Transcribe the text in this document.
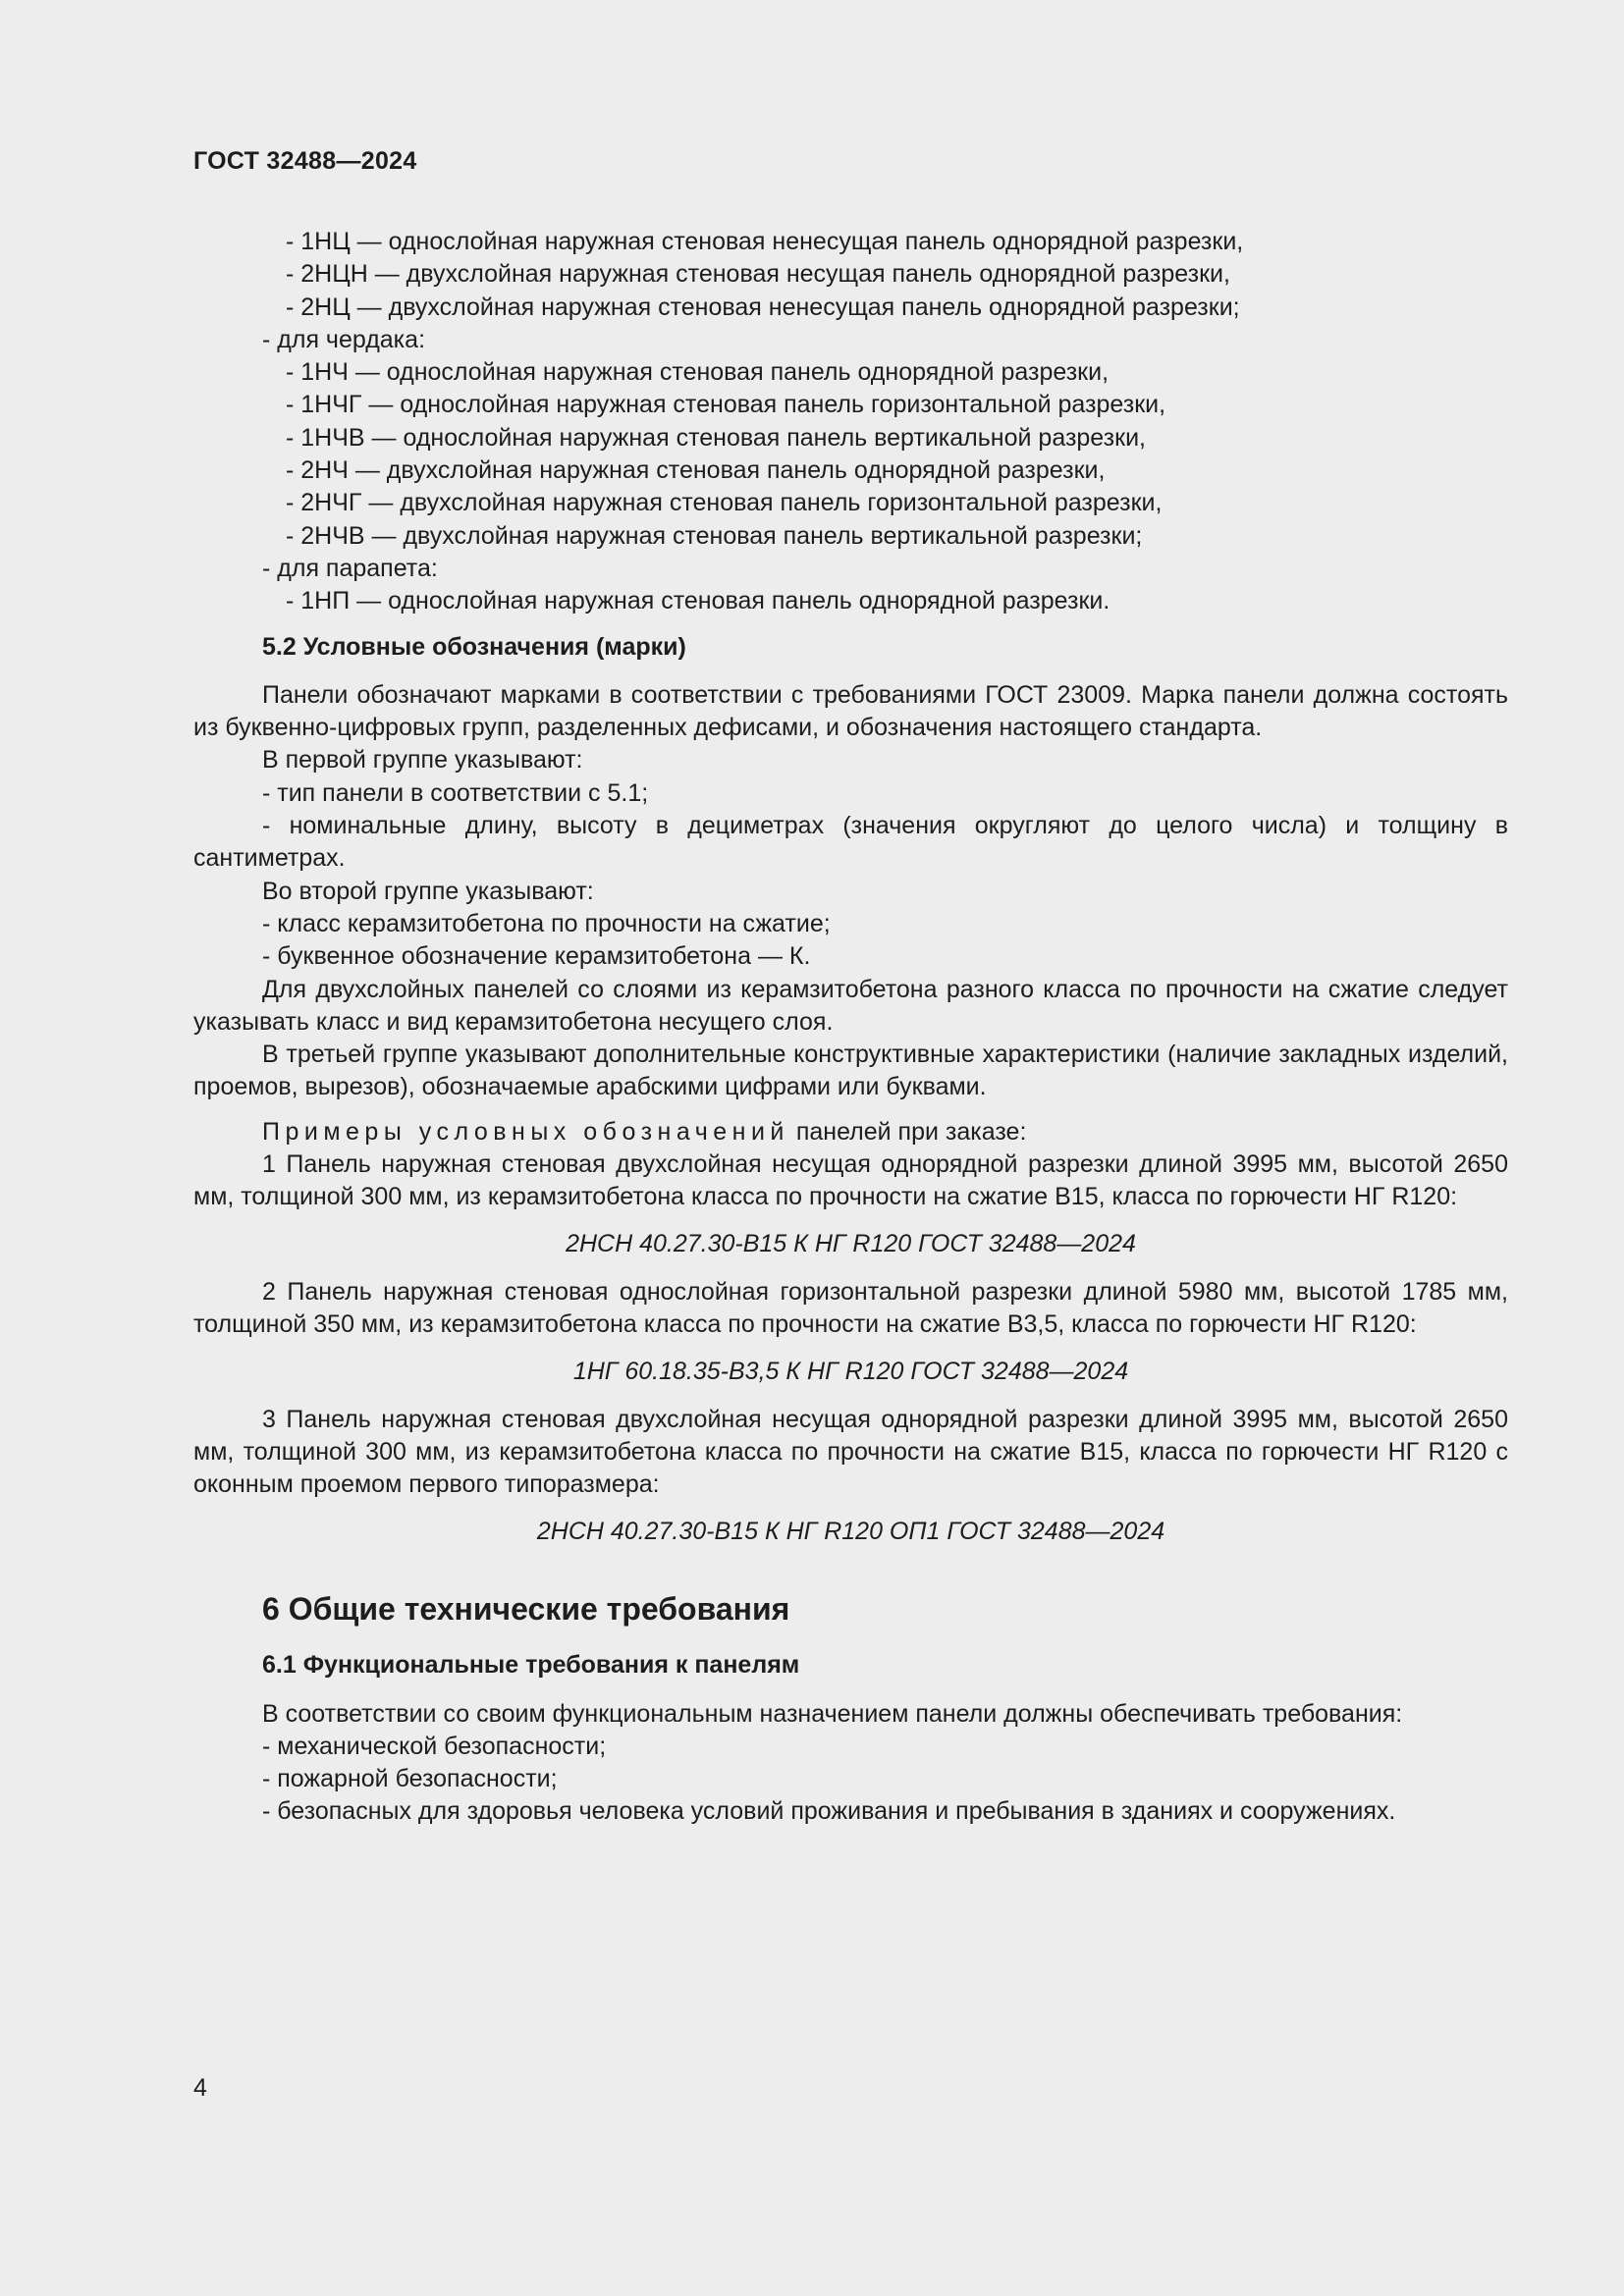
ГОСТ 32488—2024
- 1НЦ — однослойная наружная стеновая ненесущая панель однорядной разрезки,
- 2НЦН — двухслойная наружная стеновая несущая панель однорядной разрезки,
- 2НЦ — двухслойная наружная стеновая ненесущая панель однорядной разрезки;
- для чердака:
- 1НЧ — однослойная наружная стеновая панель однорядной разрезки,
- 1НЧГ — однослойная наружная стеновая панель горизонтальной разрезки,
- 1НЧВ — однослойная наружная стеновая панель вертикальной разрезки,
- 2НЧ — двухслойная наружная стеновая панель однорядной разрезки,
- 2НЧГ — двухслойная наружная стеновая панель горизонтальной разрезки,
- 2НЧВ — двухслойная наружная стеновая панель вертикальной разрезки;
- для парапета:
- 1НП — однослойная наружная стеновая панель однорядной разрезки.
5.2 Условные обозначения (марки)

Панели обозначают марками в соответствии с требованиями ГОСТ 23009. Марка панели должна состоять из буквенно-цифровых групп, разделенных дефисами, и обозначения настоящего стандарта.

В первой группе указывают:

- тип панели в соответствии с 5.1;

- номинальные длину, высоту в дециметрах (значения округляют до целого числа) и толщину в сантиметрах.

Во второй группе указывают:

- класс керамзитобетона по прочности на сжатие;

- буквенное обозначение керамзитобетона — К.

Для двухслойных панелей со слоями из керамзитобетона разного класса по прочности на сжатие следует указывать класс и вид керамзитобетона несущего слоя.

В третьей группе указывают дополнительные конструктивные характеристики (наличие закладных изделий, проемов, вырезов), обозначаемые арабскими цифрами или буквами.

Примеры условных обозначений панелей при заказе:

1 Панель наружная стеновая двухслойная несущая однорядной разрезки длиной 3995 мм, высотой 2650 мм, толщиной 300 мм, из керамзитобетона класса по прочности на сжатие В15, класса по горючести НГ R120:

2НСН 40.27.30-В15 К НГ R120 ГОСТ 32488—2024

2 Панель наружная стеновая однослойная горизонтальной разрезки длиной 5980 мм, высотой 1785 мм, толщиной 350 мм, из керамзитобетона класса по прочности на сжатие В3,5, класса по горючести НГ R120:

1НГ 60.18.35-В3,5 К НГ R120 ГОСТ 32488—2024

3 Панель наружная стеновая двухслойная несущая однорядной разрезки длиной 3995 мм, высотой 2650 мм, толщиной 300 мм, из керамзитобетона класса по прочности на сжатие В15, класса по горючести НГ R120 с оконным проемом первого типоразмера:

2НСН 40.27.30-В15 К НГ R120 ОП1 ГОСТ 32488—2024
6 Общие технические требования
6.1 Функциональные требования к панелям

В соответствии со своим функциональным назначением панели должны обеспечивать требования:

- механической безопасности;

- пожарной безопасности;

- безопасных для здоровья человека условий проживания и пребывания в зданиях и сооружениях.

4
